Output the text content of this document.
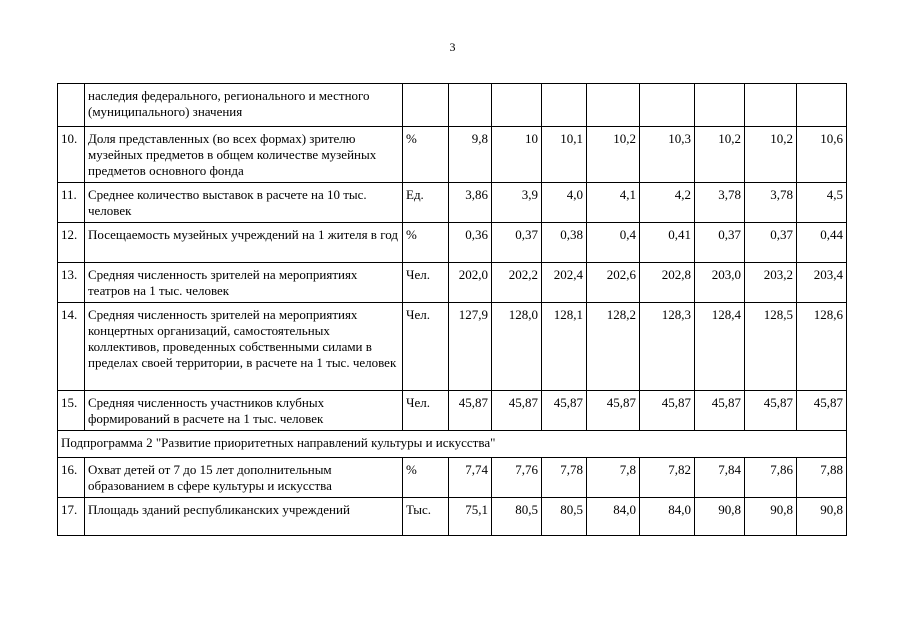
3
	наследия федерального, регионального и местного (муниципального) значения									
10.	Доля представленных (во всех формах) зрителю музейных предметов в общем количестве музейных предметов основного фонда	%	9,8	10	10,1	10,2	10,3	10,2	10,2	10,6
11.	Среднее количество выставок в расчете на 10 тыс. человек	Ед.	3,86	3,9	4,0	4,1	4,2	3,78	3,78	4,5
12.	Посещаемость музейных учреждений на 1 жителя в год	%	0,36	0,37	0,38	0,4	0,41	0,37	0,37	0,44
13.	Средняя численность зрителей на мероприятиях театров на 1 тыс. человек	Чел.	202,0	202,2	202,4	202,6	202,8	203,0	203,2	203,4
14.	Средняя численность зрителей на мероприятиях концертных организаций, самостоятельных коллективов, проведенных собственными силами в пределах своей территории, в расчете на 1 тыс. человек	Чел.	127,9	128,0	128,1	128,2	128,3	128,4	128,5	128,6
15.	Средняя численность участников клубных формирований в расчете на 1 тыс. человек	Чел.	45,87	45,87	45,87	45,87	45,87	45,87	45,87	45,87
Подпрограмма 2 "Развитие приоритетных направлений культуры и искусства"										
16.	Охват детей от 7 до 15 лет дополнительным образованием в сфере культуры и искусства	%	7,74	7,76	7,78	7,8	7,82	7,84	7,86	7,88
17.	Площадь зданий республиканских учреждений	Тыс.	75,1	80,5	80,5	84,0	84,0	90,8	90,8	90,8
